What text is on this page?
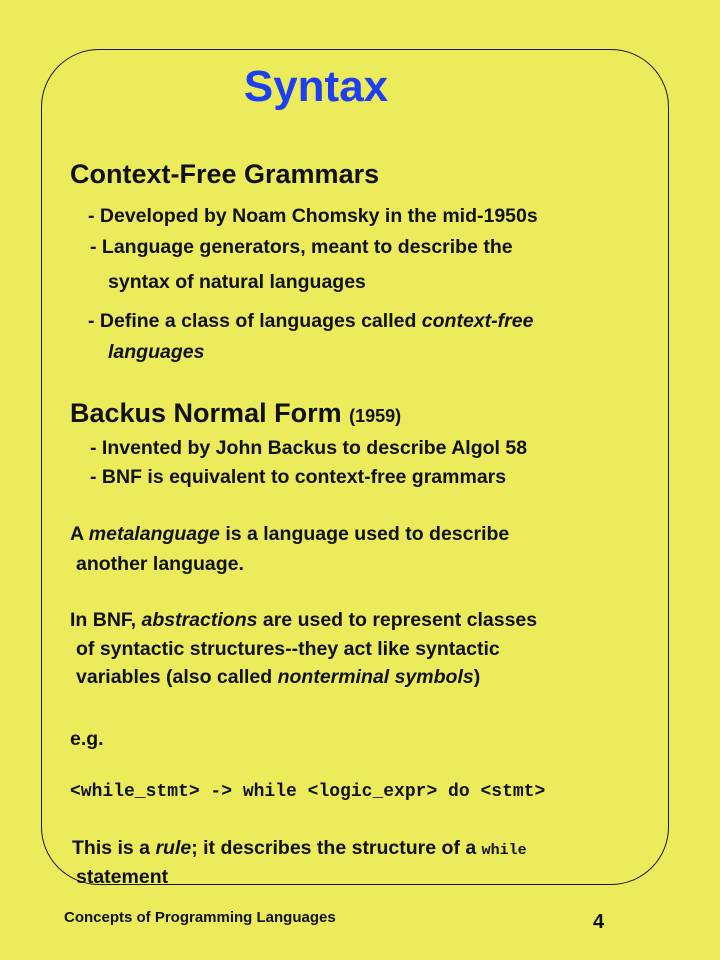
Syntax
Context-Free Grammars
- Developed by Noam Chomsky in the mid-1950s
- Language generators, meant to describe the
syntax of natural languages
- Define a class of languages called context-free
languages
Backus Normal Form (1959)
- Invented by John Backus to describe Algol 58
- BNF is equivalent to context-free grammars
A metalanguage is a language used to describe
another language.
In BNF, abstractions are used to represent classes
of syntactic structures--they act like syntactic
variables (also called nonterminal symbols)
e.g.
<while_stmt> -> while <logic_expr> do <stmt>
This is a rule; it describes the structure of a while
statement
Concepts of Programming Languages	4
